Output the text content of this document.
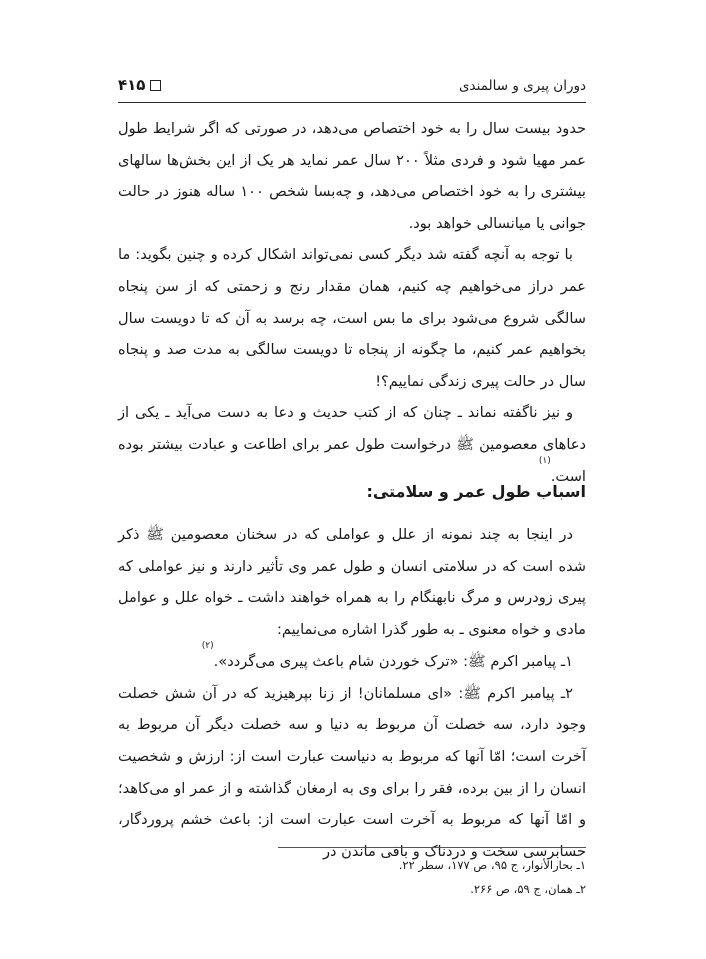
دوران پیری و سالمندی
۴۱۵

حدود بیست سال را به خود اختصاص می‌دهد، در صورتی که اگر شرایط طول عمر مهیا شود و فردی مثلاً ۲۰۰ سال عمر نماید هر یک از این بخش‌ها سالهای بیشتری را به خود اختصاص می‌دهد، و چه‌بسا شخص ۱۰۰ ساله هنوز در حالت جوانی یا میانسالی خواهد بود.

با توجه به آنچه گفته شد دیگر کسی نمی‌تواند اشکال کرده و چنین بگوید: ما عمر دراز می‌خواهیم چه کنیم، همان مقدار رنج و زحمتی که از سن پنجاه سالگی شروع می‌شود برای ما بس است، چه برسد به آن که تا دویست سال بخواهیم عمر کنیم، ما چگونه از پنجاه تا دویست سالگی به مدت صد و پنجاه سال در حالت پیری زندگی نماییم؟!

و نیز ناگفته نماند ـ چنان که از کتب حدیث و دعا به دست می‌آید ـ یکی از دعاهای معصومین ﷺ درخواست طول عمر برای اطاعت و عبادت بیشتر بوده است.$^{(۱)}$

اسباب طول عمر و سلامتی:

در اینجا به چند نمونه از علل و عواملی که در سخنان معصومین ﷺ ذکر شده است که در سلامتی انسان و طول عمر وی تأثیر دارند و نیز عواملی که پیری زودرس و مرگ نابهنگام را به همراه خواهند داشت ـ خواه علل و عوامل مادی و خواه معنوی ـ به طور گذرا اشاره می‌نماییم:

۱ـ پیامبر اکرم ﷺ: «ترک خوردن شام باعث پیری می‌گردد».$^{(۲)}$

۲ـ پیامبر اکرم ﷺ: «ای مسلمانان! از زنا بپرهیزید که در آن شش خصلت وجود دارد، سه خصلت آن مربوط به دنیا و سه خصلت دیگر آن مربوط به آخرت است؛ امّا آنها که مربوط به دنیاست عبارت است از: ارزش و شخصیت انسان را از بین برده، فقر را برای وی به ارمغان گذاشته و از عمر او می‌کاهد؛ و امّا آنها که مربوط به آخرت است عبارت است از: باعث خشم پروردگار، حسابرسی سخت و دردناک و باقی ماندن در

۱ـ بحارالأنوار، ج ۹۵، ص ۱۷۷، سطر ۲۲.
۲ـ همان، ج ۵۹، ص ۲۶۶.
